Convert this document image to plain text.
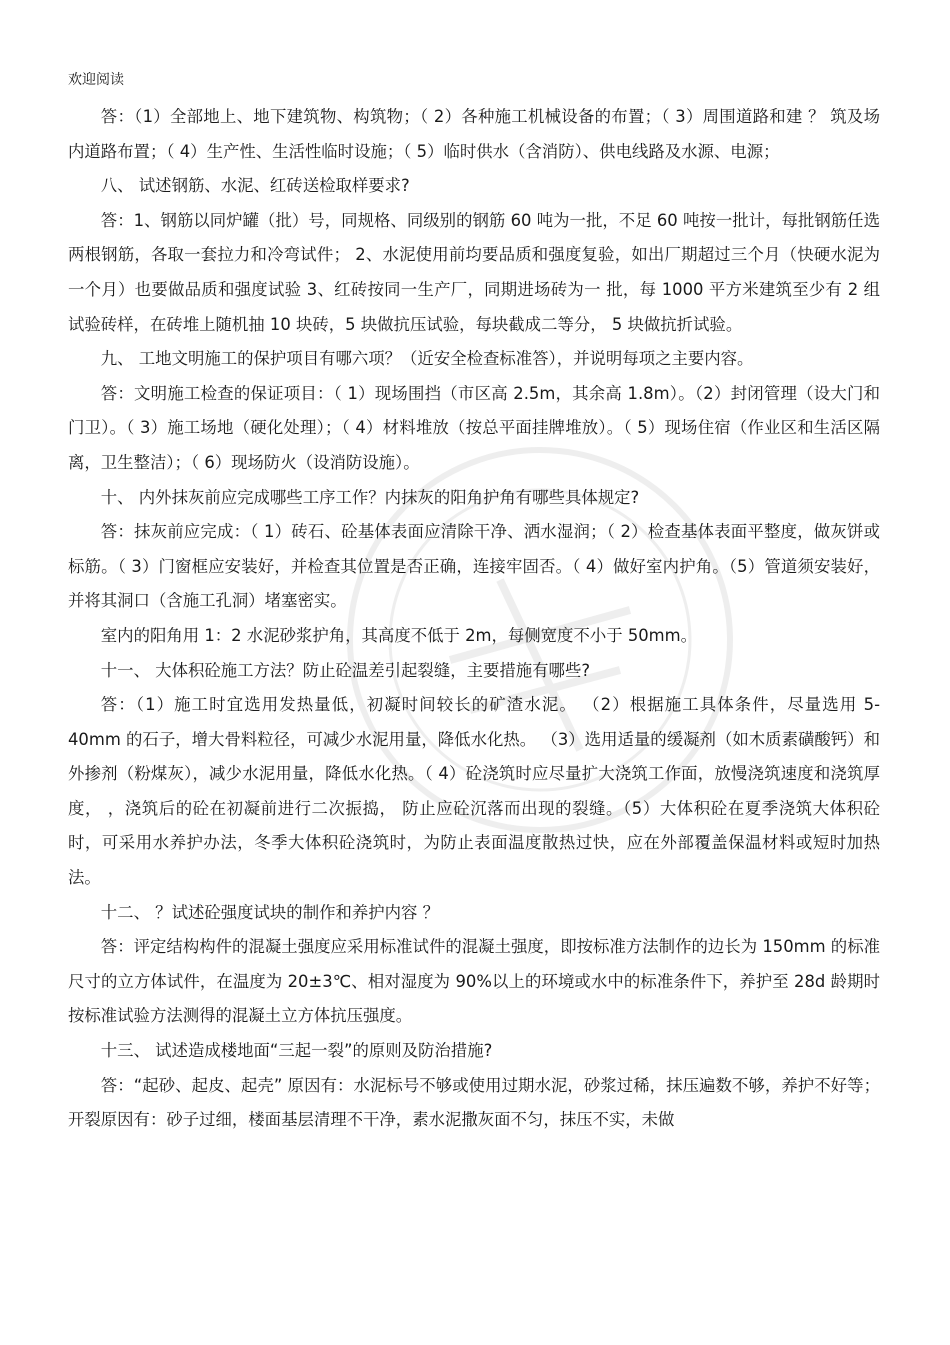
欢迎阅读

答：（1）全部地上、地下建筑物、构筑物；（ 2）各种施工机械设备的布置；（ 3）周围道路和建 ？ 筑及场内道路布置；（ 4）生产性、生活性临时设施；（ 5）临时供水（含消防）、供电线路及水源、电源；

八、 试述钢筋、水泥、红砖送检取样要求?

答：1、钢筋以同炉罐（批）号，同规格、同级别的钢筋 60 吨为一批，不足 60 吨按一批计，每批钢筋任选两根钢筋，各取一套拉力和冷弯试件； 2、水泥使用前均要品质和强度复验，如出厂期超过三个月（快硬水泥为一个月）也要做品质和强度试验 3、红砖按同一生产厂，同期进场砖为一 批，每 1000 平方米建筑至少有 2 组试验砖样，在砖堆上随机抽 10 块砖，5 块做抗压试验，每块截成二等分， 5 块做抗折试验。

九、 工地文明施工的保护项目有哪六项？（近安全检查标准答），并说明每项之主要内容。

答：文明施工检查的保证项目：（ 1）现场围挡（市区高 2.5m，其余高 1.8m）。（2）封闭管理（设大门和门卫）。（ 3）施工场地（硬化处理）；（ 4）材料堆放（按总平面挂牌堆放）。（ 5）现场住宿（作业区和生活区隔离，卫生整洁）；（ 6）现场防火（设消防设施）。

十、 内外抹灰前应完成哪些工序工作？内抹灰的阳角护角有哪些具体规定?

答：抹灰前应完成：（ 1）砖石、砼基体表面应清除干净、洒水湿润；（ 2）检查基体表面平整度，做灰饼或标筋。（ 3）门窗框应安装好，并检查其位置是否正确，连接牢固否。（ 4）做好室内护角。（5）管道须安装好，并将其洞口（含施工孔洞）堵塞密实。

室内的阳角用 1：2 水泥砂浆护角，其高度不低于 2m，每侧宽度不小于 50mm。

十一、 大体积砼施工方法？防止砼温差引起裂缝，主要措施有哪些?

答：（1）施工时宜选用发热量低，初凝时间较长的矿渣水泥。 （2）根据施工具体条件，尽量选用 5-40mm 的石子，增大骨料粒径，可减少水泥用量，降低水化热。 （3）选用适量的缓凝剂（如木质素磺酸钙）和外掺剂（粉煤灰），减少水泥用量，降低水化热。（ 4）砼浇筑时应尽量扩大浇筑工作面，放慢浇筑速度和浇筑厚度， ，浇筑后的砼在初凝前进行二次振捣， 防止应砼沉落而出现的裂缝。（5）大体积砼在夏季浇筑大体积砼时，可采用水养护办法，冬季大体积砼浇筑时，为防止表面温度散热过快，应在外部覆盖保温材料或短时加热法。

十二、 ？试述砼强度试块的制作和养护内容 ？

答：评定结构构件的混凝土强度应采用标准试件的混凝土强度，即按标准方法制作的边长为 150mm 的标准尺寸的立方体试件，在温度为 20±3℃、相对湿度为 90%以上的环境或水中的标准条件下，养护至 28d 龄期时按标准试验方法测得的混凝土立方体抗压强度。

十三、 试述造成楼地面“三起一裂”的原则及防治措施?

答：“起砂、起皮、起壳” 原因有：水泥标号不够或使用过期水泥，砂浆过稀，抹压遍数不够，养护不好等；开裂原因有：砂子过细，楼面基层清理不干净，素水泥撒灰面不匀，抹压不实，未做
